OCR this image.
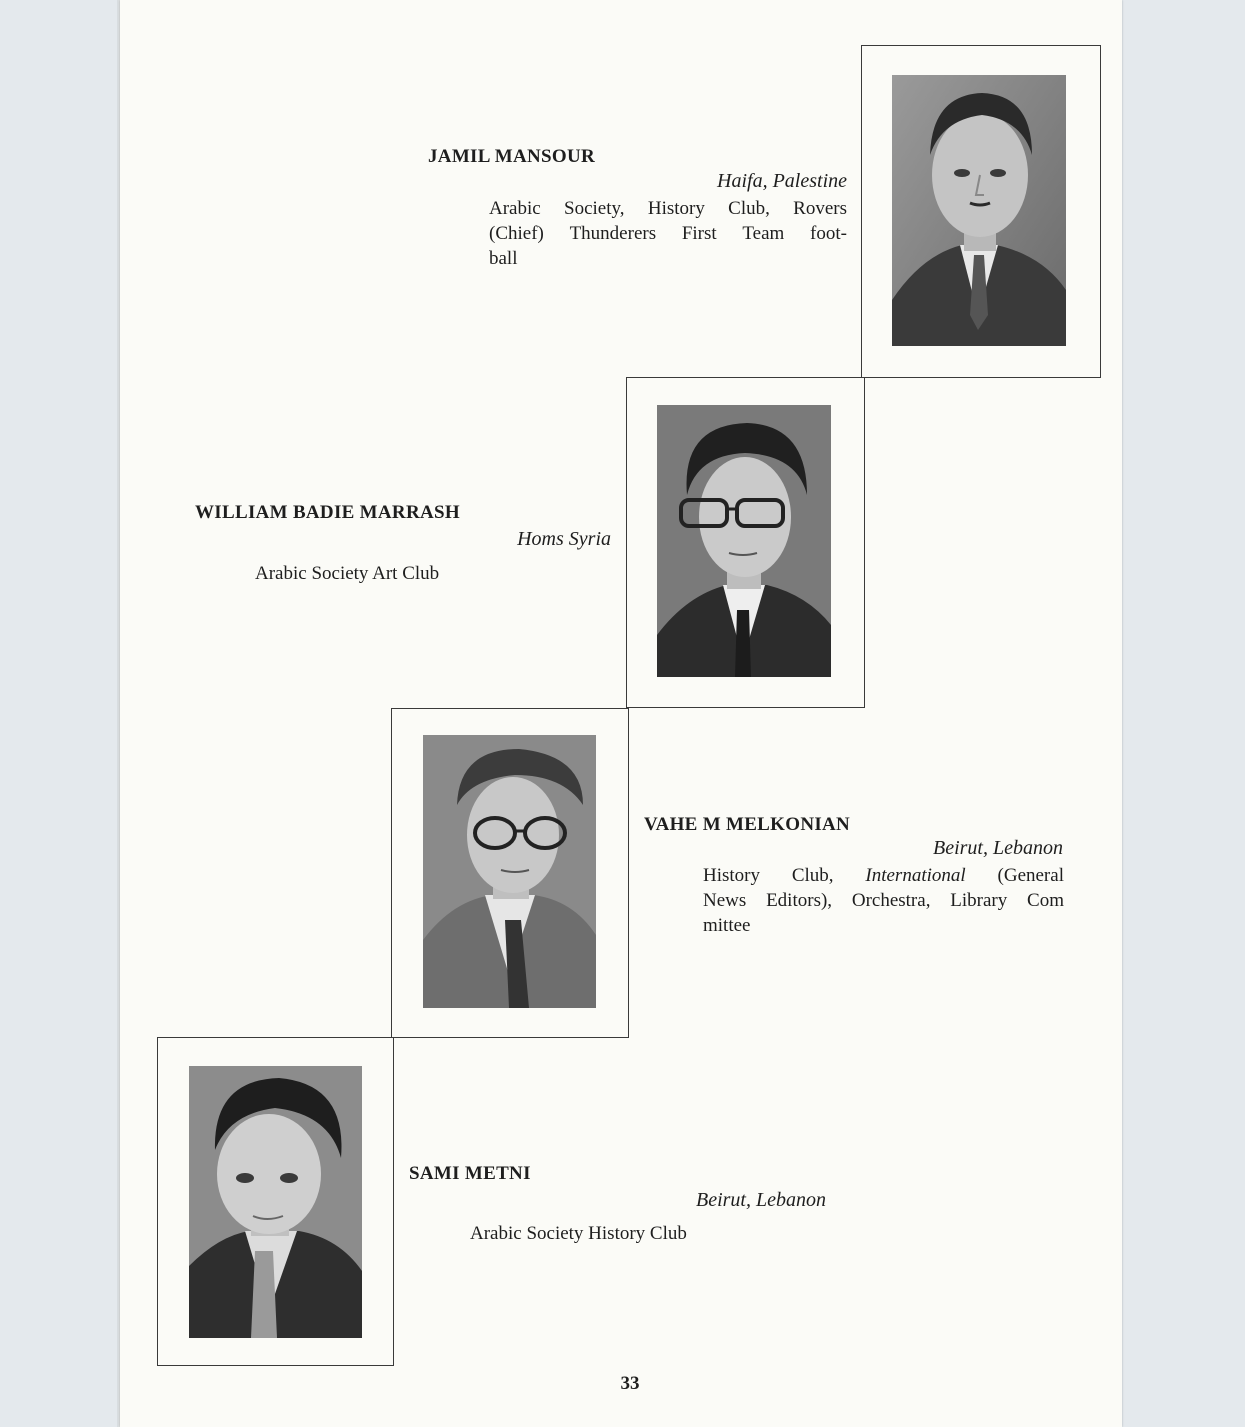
JAMIL MANSOUR
Haifa, Palestine
Arabic Society, History Club, Rovers
(Chief) Thunderers First Team foot-
ball
WILLIAM BADIE MARRASH
Homs Syria
Arabic Society Art Club
VAHE M MELKONIAN
Beirut, Lebanon
History Club, International (General
News Editors), Orchestra, Library Com
mittee
SAMI METNI
Beirut, Lebanon
Arabic Society History Club
33
